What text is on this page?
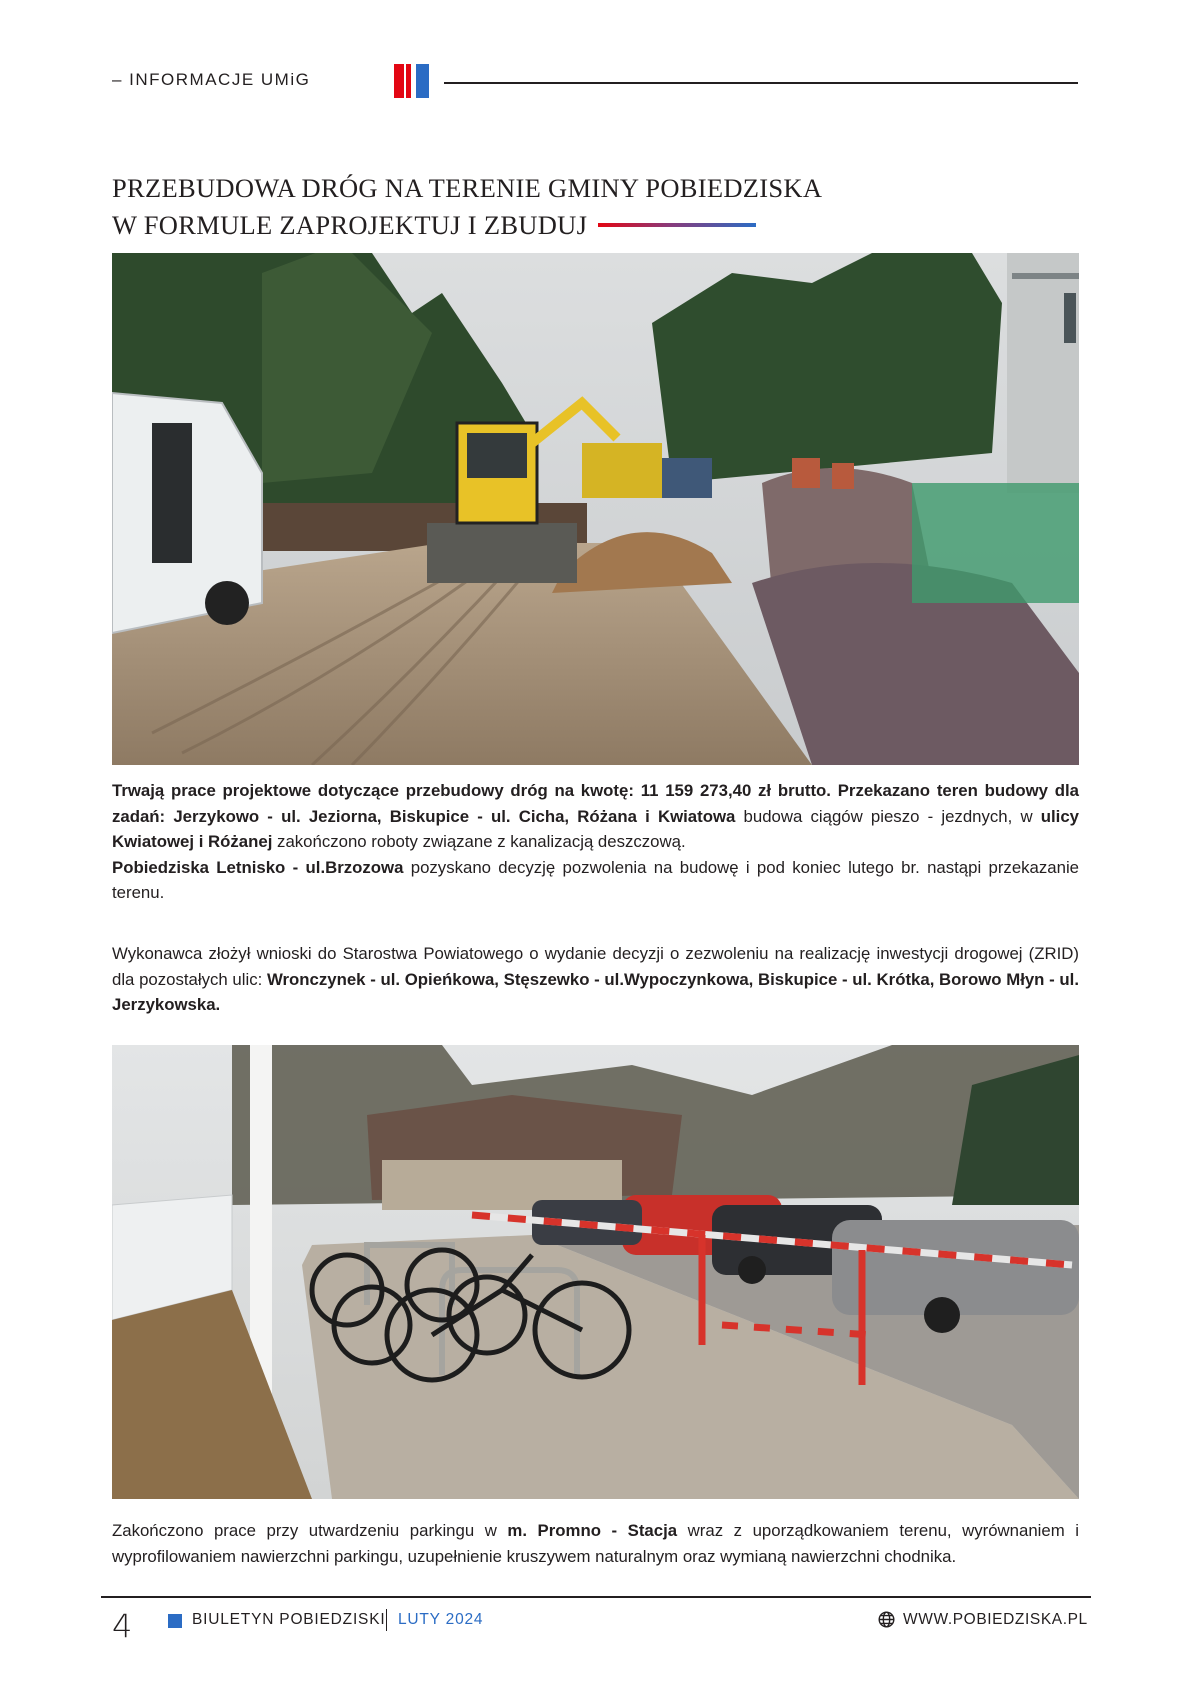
– INFORMACJE UMiG
PRZEBUDOWA DRÓG NA TERENIE GMINY POBIEDZISKA
W FORMULE ZAPROJEKTUJ I ZBUDUJ
Trwają prace projektowe dotyczące przebudowy dróg na kwotę: 11 159 273,40 zł brutto. Przekazano teren budowy dla zadań: Jerzykowo - ul. Jeziorna, Biskupice - ul. Cicha, Różana i Kwiatowa budowa ciągów pieszo - jezdnych, w ulicy Kwiatowej i Różanej zakończono roboty związane z kanalizacją deszczową.
Pobiedziska Letnisko - ul.Brzozowa pozyskano decyzję pozwolenia na budowę i pod koniec lutego br. nastąpi przekazanie terenu.
Wykonawca złożył wnioski do Starostwa Powiatowego o wydanie decyzji o zezwoleniu na realizację inwestycji drogowej (ZRID) dla pozostałych ulic: Wronczynek - ul. Opieńkowa, Stęszewko - ul.Wypoczynkowa, Biskupice - ul. Krótka, Borowo Młyn - ul. Jerzykowska.
Zakończono prace przy utwardzeniu parkingu w m. Promno - Stacja wraz z uporządkowaniem terenu, wyrównaniem i wyprofilowaniem nawierzchni parkingu, uzupełnienie kruszywem naturalnym oraz wymianą nawierzchni chodnika.
4	BIULETYN POBIEDZISKI LUTY 2024	WWW.POBIEDZISKA.PL
